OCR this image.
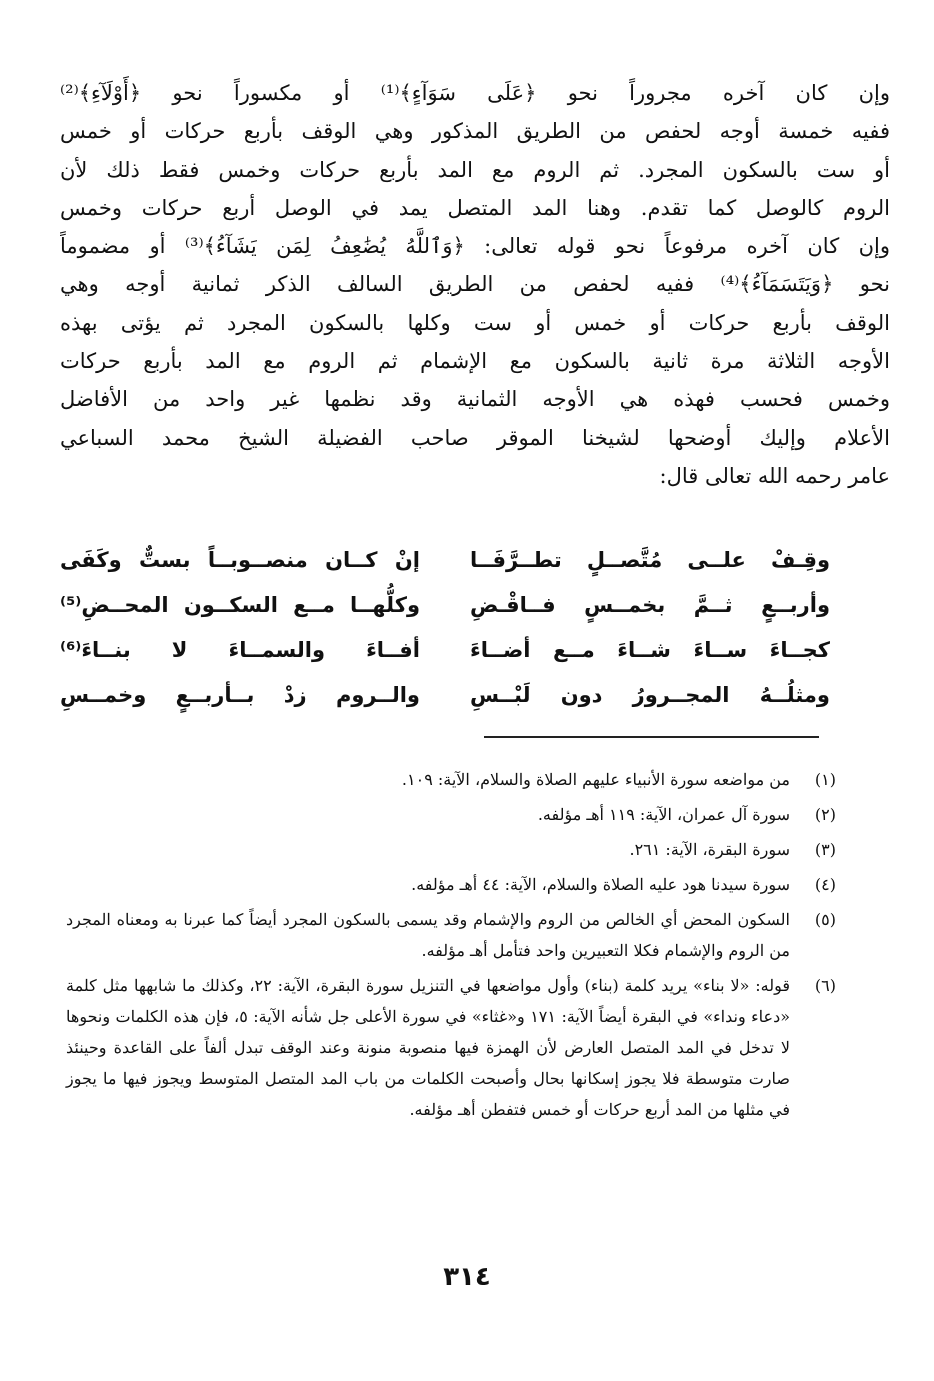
وإن كان آخره مجروراً نحو ﴿عَلَى سَوَآءٍ﴾⁽¹⁾ أو مكسوراً نحو ﴿أَوْلَآءِ﴾⁽²⁾
ففيه خمسة أوجه لحفص من الطريق المذكور وهي الوقف بأربع حركات أو خمس
أو ست بالسكون المجرد. ثم الروم مع المد بأربع حركات وخمس فقط ذلك لأن
الروم كالوصل كما تقدم. وهنا المد المتصل يمد في الوصل أربع حركات وخمس
وإن كان آخره مرفوعاً نحو قوله تعالى: ﴿وَٱللَّهُ يُضَٰعِفُ لِمَن يَشَآءُ﴾⁽³⁾ أو مضموماً
نحو ﴿وَيَتَسَمَآءُ﴾⁽⁴⁾ ففيه لحفص من الطريق السالف الذكر ثمانية أوجه وهي
الوقف بأربع حركات أو خمس أو ست وكلها بالسكون المجرد ثم يؤتى بهذه
الأوجه الثلاثة مرة ثانية بالسكون مع الإشمام ثم الروم مع المد بأربع حركات
وخمس فحسب فهذه هي الأوجه الثمانية وقد نظمها غير واحد من الأفاضل
الأعلام وإليك أوضحها لشيخنا الموقر صاحب الفضيلة الشيخ محمد السباعي
عامر رحمه الله تعالى قال:
وقِـفْ علــى مُتَّصــلٍ تطــرَّفَــا
إنْ كــان منصــوبــاً بستٌّ وكَفَى
وأربــعٍ ثــمَّ بخمــسٍ فــاقْـضِ
وكلُّهــا مــع السكــون المحــضِ⁽⁵⁾
كجــاءَ ســاءَ شــاءَ مــع أضــاءَ
أفــاءَ والسمــاءَ لا بنــاءَ⁽⁶⁾
ومثلُــهُ المجــرورُ دون لَبْــسِ
والــروم زدْ بــأربــعٍ وخمــسِ
(١)
من مواضعه سورة الأنبياء عليهم الصلاة والسلام، الآية: ١٠٩.
(٢)
سورة آل عمران، الآية: ١١٩ أهـ مؤلفه.
(٣)
سورة البقرة، الآية: ٢٦١.
(٤)
سورة سيدنا هود عليه الصلاة والسلام، الآية: ٤٤ أهـ مؤلفه.
(٥)
السكون المحض أي الخالص من الروم والإشمام وقد يسمى بالسكون المجرد أيضاً كما عبرنا به ومعناه المجرد من الروم والإشمام فكلا التعبيرين واحد فتأمل أهـ مؤلفه.
(٦)
قوله: «لا بناء» يريد كلمة (بناء) وأول مواضعها في التنزيل سورة البقرة، الآية: ٢٢، وكذلك ما شابهها مثل كلمة «دعاء ونداء» في البقرة أيضاً الآية: ١٧١ و«غثاء» في سورة الأعلى جل شأنه الآية: ٥، فإن هذه الكلمات ونحوها لا تدخل في المد المتصل العارض لأن الهمزة فيها منصوبة منونة وعند الوقف تبدل ألفاً على القاعدة وحينئذ صارت متوسطة فلا يجوز إسكانها بحال وأصبحت الكلمات من باب المد المتصل المتوسط ويجوز فيها ما يجوز في مثلها من المد أربع حركات أو خمس فتفطن أهـ مؤلفه.
٣١٤
